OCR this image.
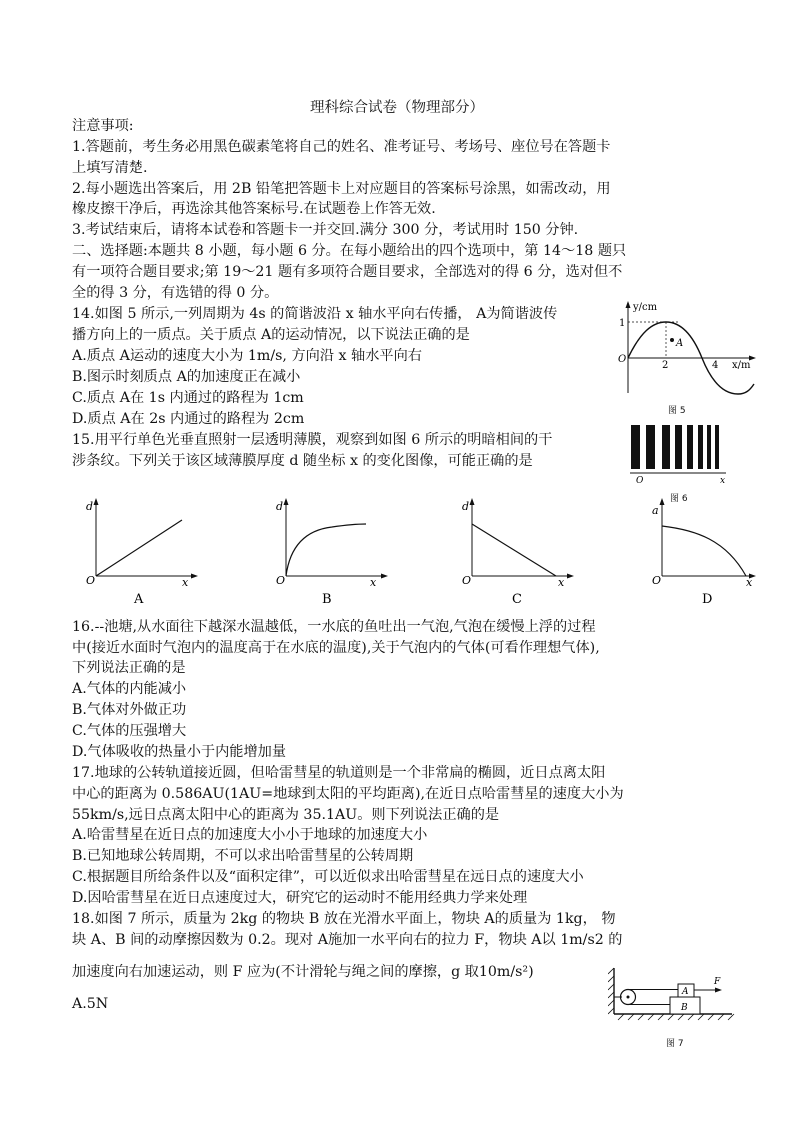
理科综合试卷（物理部分）
注意事项:
1.答题前，考生务必用黑色碳素笔将自己的姓名、准考证号、考场号、座位号在答题卡
上填写清楚.
2.每小题选出答案后，用 2B 铅笔把答题卡上对应题目的答案标号涂黑，如需改动，用
橡皮擦干净后，再选涂其他答案标号.在试题卷上作答无效.
3.考试结束后，请将本试卷和答题卡一并交回.满分 300 分，考试用时 150 分钟.
二、选择题:本题共 8 小题，每小题 6 分。在每小题给出的四个选项中，第 14～18 题只
有一项符合题目要求;第 19～21 题有多项符合题目要求，全部选对的得 6 分，选对但不
全的得 3 分，有选错的得 0 分。
14.如图 5 所示,一列周期为 4s 的简谐波沿 x 轴水平向右传播， A为简谐波传
播方向上的一质点。关于质点 A的运动情况，以下说法正确的是
A.质点 A运动的速度大小为 1m/s, 方向沿 x 轴水平向右
B.图示时刻质点 A的加速度正在减小
C.质点 A在 1s 内通过的路程为 1cm
D.质点 A在 2s 内通过的路程为 2cm
y/cm
1
O
A
2	4 x/m
图 5
15.用平行单色光垂直照射一层透明薄膜，观察到如图 6 所示的明暗相间的干
涉条纹。下列关于该区域薄膜厚度 d 随坐标 x 的变化图像，可能正确的是
O	x
图 6
d
O	x
A
d
O	x
B
d
O	x
C
a
O	x
D
16.--池塘,从水面往下越深水温越低，一水底的鱼吐出一气泡,气泡在缓慢上浮的过程
中(接近水面时气泡内的温度高于在水底的温度),关于气泡内的气体(可看作理想气体),
下列说法正确的是
A.气体的内能减小
B.气体对外做正功
C.气体的压强增大
D.气体吸收的热量小于内能增加量
17.地球的公转轨道接近圆，但哈雷彗星的轨道则是一个非常扁的椭圆，近日点离太阳
中心的距离为 0.586AU(1AU=地球到太阳的平均距离),在近日点哈雷彗星的速度大小为
55km/s,远日点离太阳中心的距离为 35.1AU。则下列说法正确的是
A.哈雷彗星在近日点的加速度大小小于地球的加速度大小
B.已知地球公转周期，不可以求出哈雷彗星的公转周期
C.根据题目所给条件以及“面积定律”，可以近似求出哈雷彗星在远日点的速度大小
D.因哈雷彗星在近日点速度过大，研究它的运动时不能用经典力学来处理
18.如图 7 所示，质量为 2kg 的物块 B 放在光滑水平面上，物块 A的质量为 1kg， 物
块 A、B 间的动摩擦因数为 0.2。现对 A施加一水平向右的拉力 F，物块 A以 1m/s2 的
加速度向右加速运动，则 F 应为(不计滑轮与绳之间的摩擦，g 取10m/s²)
A.5N
A
B
F
图 7
